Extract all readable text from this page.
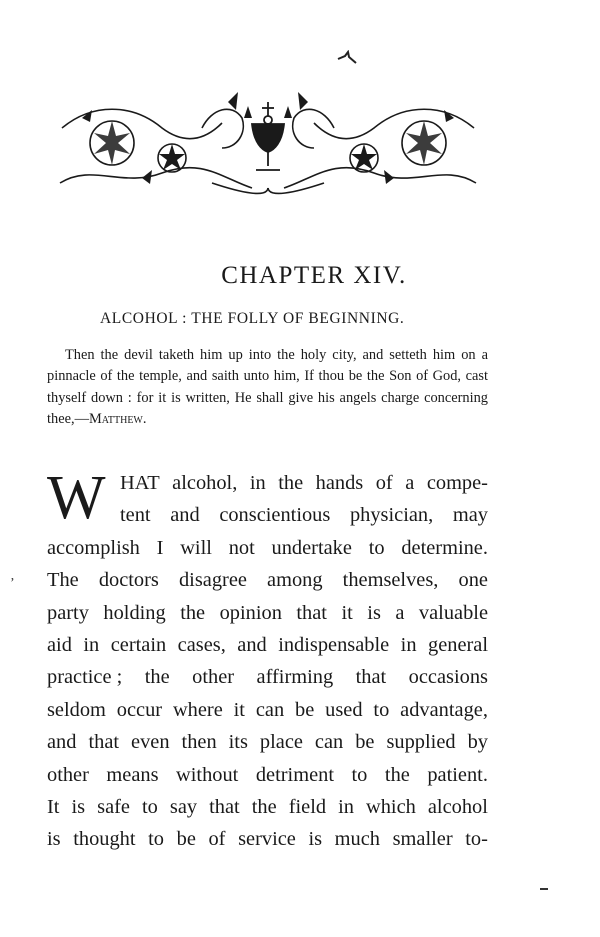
CHAPTER XIV.
ALCOHOL : THE FOLLY OF BEGINNING.

Then the devil taketh him up into the holy city, and setteth him on a pinnacle of the temple, and saith unto him, If thou be the Son of God, cast thyself down : for it is written, He shall give his angels charge concerning thee,—Matthew.

W HAT alcohol, in the hands of a compe-
tent and conscientious physician, may
accomplish I will not undertake to determine.
The doctors disagree among themselves, one
party holding the opinion that it is a valuable
aid in certain cases, and indispensable in general
practice ; the other affirming that occasions
seldom occur where it can be used to advantage,
and that even then its place can be supplied by
other means without detriment to the patient.
It is safe to say that the field in which alcohol
is thought to be of service is much smaller to-
’
